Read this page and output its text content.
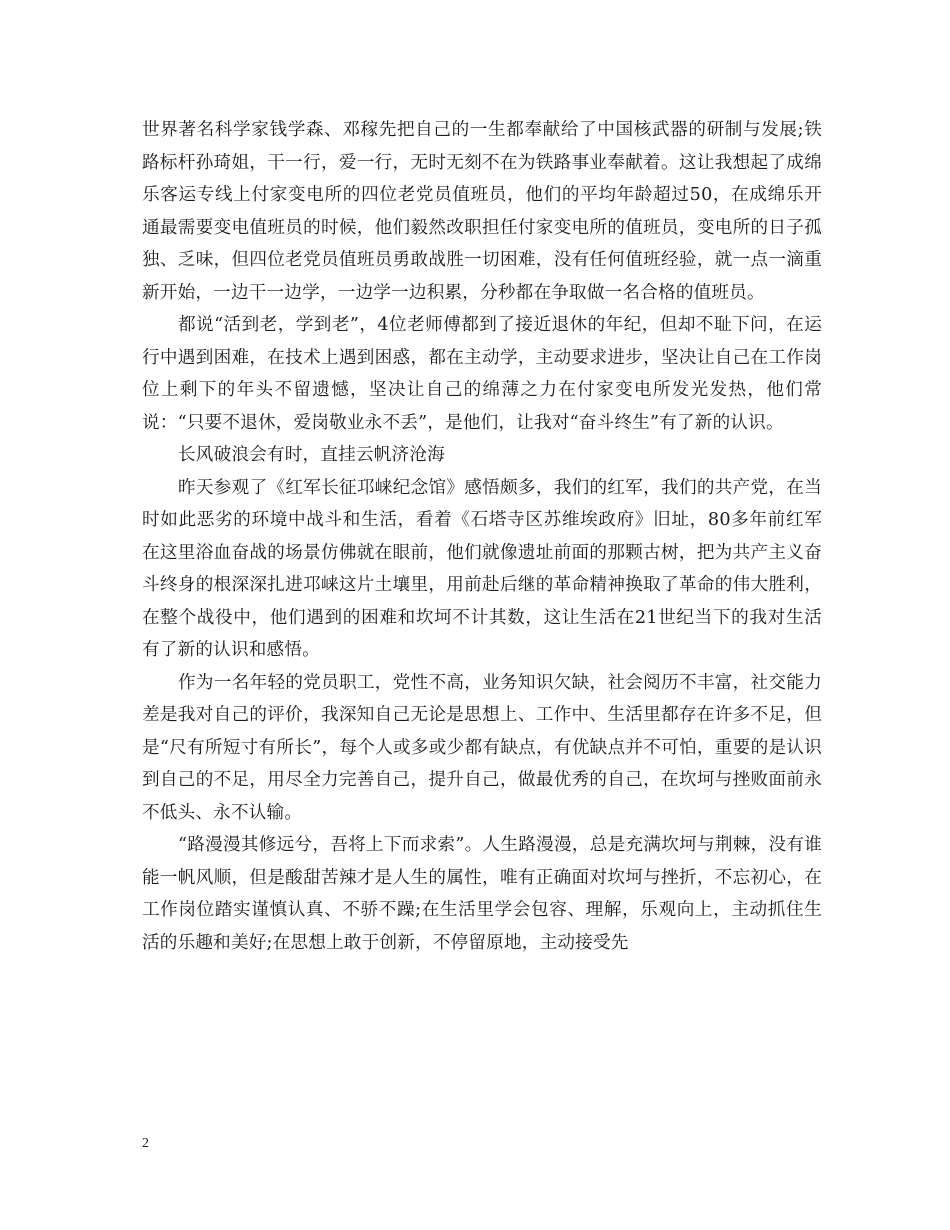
世界著名科学家钱学森、邓稼先把自己的一生都奉献给了中国核武器的研制与发展;铁路标杆孙琦姐，干一行，爱一行，无时无刻不在为铁路事业奉献着。这让我想起了成绵乐客运专线上付家变电所的四位老党员值班员，他们的平均年龄超过50，在成绵乐开通最需要变电值班员的时候，他们毅然改职担任付家变电所的值班员，变电所的日子孤独、乏味，但四位老党员值班员勇敢战胜一切困难，没有任何值班经验，就一点一滴重新开始，一边干一边学，一边学一边积累，分秒都在争取做一名合格的值班员。

都说“活到老，学到老”，4位老师傅都到了接近退休的年纪，但却不耻下问，在运行中遇到困难，在技术上遇到困惑，都在主动学，主动要求进步，坚决让自己在工作岗位上剩下的年头不留遗憾，坚决让自己的绵薄之力在付家变电所发光发热，他们常说：“只要不退休，爱岗敬业永不丢”，是他们，让我对“奋斗终生”有了新的认识。

长风破浪会有时，直挂云帆济沧海

昨天参观了《红军长征邛崃纪念馆》感悟颇多，我们的红军，我们的共产党，在当时如此恶劣的环境中战斗和生活，看着《石塔寺区苏维埃政府》旧址，80多年前红军在这里浴血奋战的场景仿佛就在眼前，他们就像遗址前面的那颗古树，把为共产主义奋斗终身的根深深扎进邛崃这片土壤里，用前赴后继的革命精神换取了革命的伟大胜利，在整个战役中，他们遇到的困难和坎坷不计其数，这让生活在21世纪当下的我对生活有了新的认识和感悟。

作为一名年轻的党员职工，党性不高，业务知识欠缺，社会阅历不丰富，社交能力差是我对自己的评价，我深知自己无论是思想上、工作中、生活里都存在许多不足，但是“尺有所短寸有所长”，每个人或多或少都有缺点，有优缺点并不可怕，重要的是认识到自己的不足，用尽全力完善自己，提升自己，做最优秀的自己，在坎坷与挫败面前永不低头、永不认输。

“路漫漫其修远兮，吾将上下而求索”。人生路漫漫，总是充满坎坷与荆棘，没有谁能一帆风顺，但是酸甜苦辣才是人生的属性，唯有正确面对坎坷与挫折，不忘初心，在工作岗位踏实谨慎认真、不骄不躁;在生活里学会包容、理解，乐观向上，主动抓住生活的乐趣和美好;在思想上敢于创新，不停留原地，主动接受先

2
